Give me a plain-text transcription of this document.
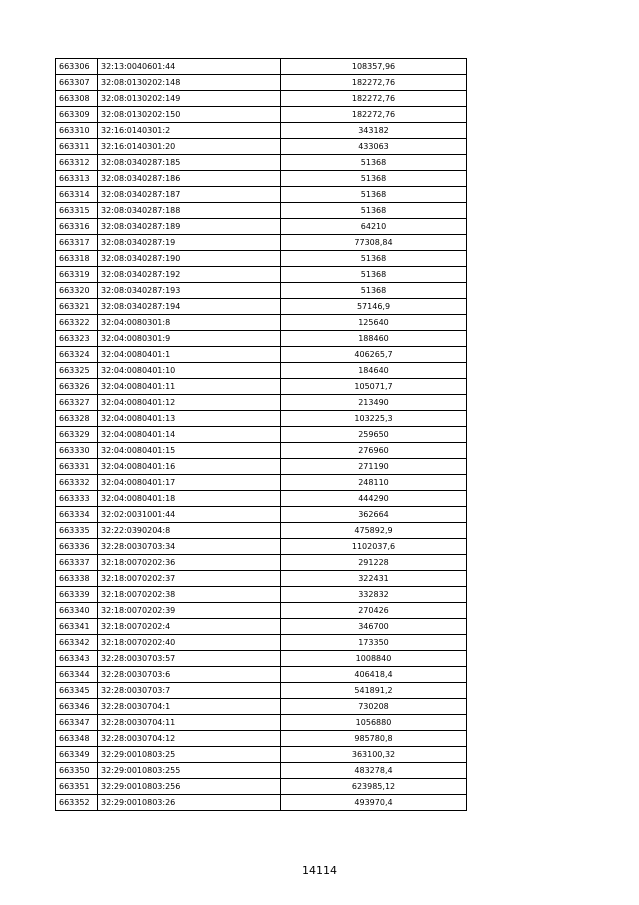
663306	32:13:0040601:44	108357,96
663307	32:08:0130202:148	182272,76
663308	32:08:0130202:149	182272,76
663309	32:08:0130202:150	182272,76
663310	32:16:0140301:2	343182
663311	32:16:0140301:20	433063
663312	32:08:0340287:185	51368
663313	32:08:0340287:186	51368
663314	32:08:0340287:187	51368
663315	32:08:0340287:188	51368
663316	32:08:0340287:189	64210
663317	32:08:0340287:19	77308,84
663318	32:08:0340287:190	51368
663319	32:08:0340287:192	51368
663320	32:08:0340287:193	51368
663321	32:08:0340287:194	57146,9
663322	32:04:0080301:8	125640
663323	32:04:0080301:9	188460
663324	32:04:0080401:1	406265,7
663325	32:04:0080401:10	184640
663326	32:04:0080401:11	105071,7
663327	32:04:0080401:12	213490
663328	32:04:0080401:13	103225,3
663329	32:04:0080401:14	259650
663330	32:04:0080401:15	276960
663331	32:04:0080401:16	271190
663332	32:04:0080401:17	248110
663333	32:04:0080401:18	444290
663334	32:02:0031001:44	362664
663335	32:22:0390204:8	475892,9
663336	32:28:0030703:34	1102037,6
663337	32:18:0070202:36	291228
663338	32:18:0070202:37	322431
663339	32:18:0070202:38	332832
663340	32:18:0070202:39	270426
663341	32:18:0070202:4	346700
663342	32:18:0070202:40	173350
663343	32:28:0030703:57	1008840
663344	32:28:0030703:6	406418,4
663345	32:28:0030703:7	541891,2
663346	32:28:0030704:1	730208
663347	32:28:0030704:11	1056880
663348	32:28:0030704:12	985780,8
663349	32:29:0010803:25	363100,32
663350	32:29:0010803:255	483278,4
663351	32:29:0010803:256	623985,12
663352	32:29:0010803:26	493970,4
14114
